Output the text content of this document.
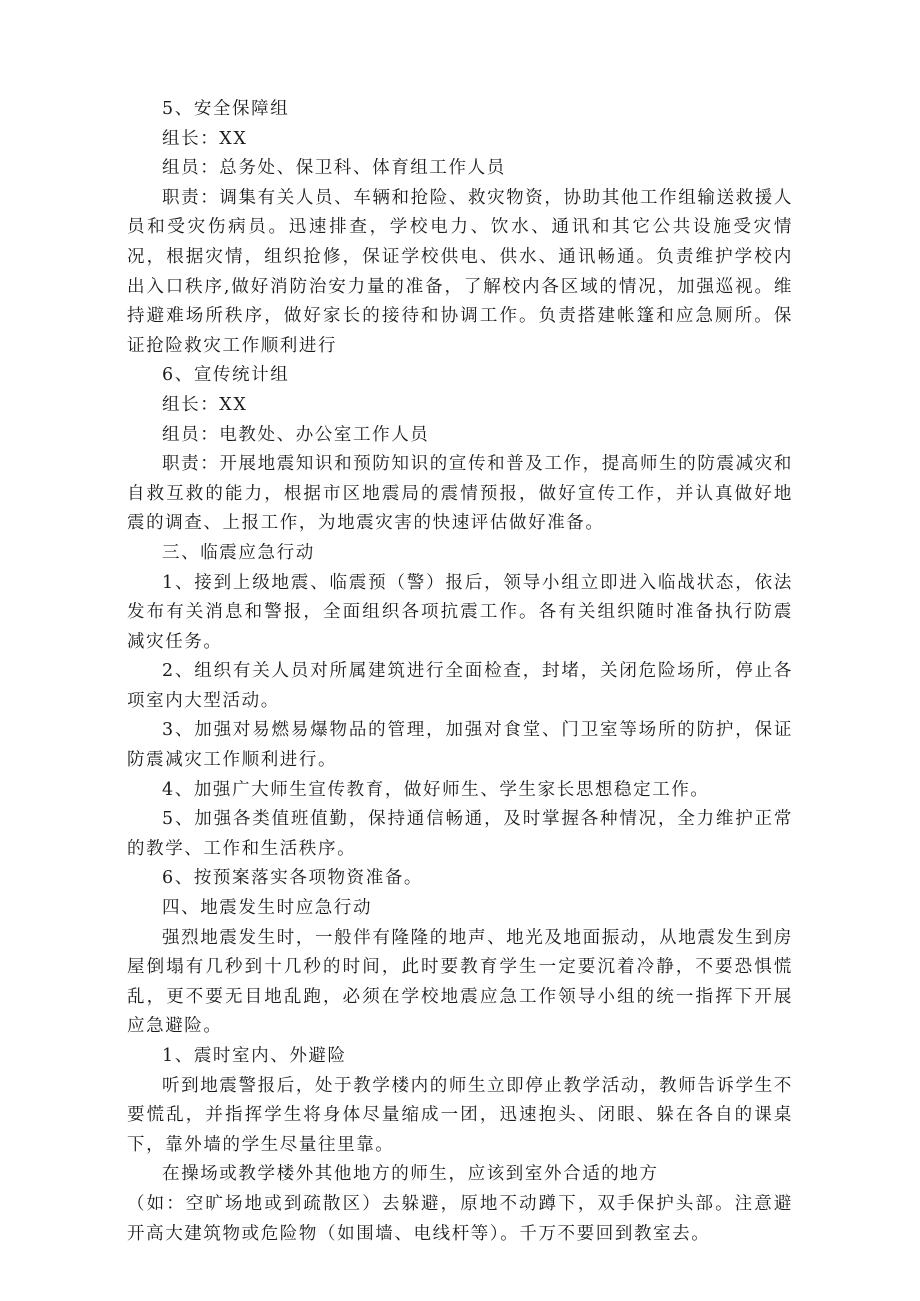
5、安全保障组

组长：XX

组员：总务处、保卫科、体育组工作人员

职责：调集有关人员、车辆和抢险、救灾物资，协助其他工作组输送救援人员和受灾伤病员。迅速排查，学校电力、饮水、通讯和其它公共设施受灾情况，根据灾情，组织抢修，保证学校供电、供水、通讯畅通。负责维护学校内出入口秩序,做好消防治安力量的准备，了解校内各区域的情况，加强巡视。维持避难场所秩序，做好家长的接待和协调工作。负责搭建帐篷和应急厕所。保证抢险救灾工作顺利进行

6、宣传统计组

组长：XX

组员：电教处、办公室工作人员

职责：开展地震知识和预防知识的宣传和普及工作，提高师生的防震减灾和自救互救的能力，根据市区地震局的震情预报，做好宣传工作，并认真做好地震的调查、上报工作，为地震灾害的快速评估做好准备。

三、临震应急行动

1、接到上级地震、临震预（警）报后，领导小组立即进入临战状态，依法发布有关消息和警报，全面组织各项抗震工作。各有关组织随时准备执行防震减灾任务。

2、组织有关人员对所属建筑进行全面检查，封堵，关闭危险场所，停止各项室内大型活动。

3、加强对易燃易爆物品的管理，加强对食堂、门卫室等场所的防护，保证防震减灾工作顺利进行。

4、加强广大师生宣传教育，做好师生、学生家长思想稳定工作。

5、加强各类值班值勤，保持通信畅通，及时掌握各种情况，全力维护正常的教学、工作和生活秩序。

6、按预案落实各项物资准备。

四、地震发生时应急行动

强烈地震发生时，一般伴有隆隆的地声、地光及地面振动，从地震发生到房屋倒塌有几秒到十几秒的时间，此时要教育学生一定要沉着冷静，不要恐惧慌乱，更不要无目地乱跑，必须在学校地震应急工作领导小组的统一指挥下开展应急避险。

1、震时室内、外避险

听到地震警报后，处于教学楼内的师生立即停止教学活动，教师告诉学生不要慌乱，并指挥学生将身体尽量缩成一团，迅速抱头、闭眼、躲在各自的课桌下，靠外墙的学生尽量往里靠。

在操场或教学楼外其他地方的师生，应该到室外合适的地方

（如：空旷场地或到疏散区）去躲避，原地不动蹲下，双手保护头部。注意避开高大建筑物或危险物（如围墙、电线杆等）。千万不要回到教室去。
